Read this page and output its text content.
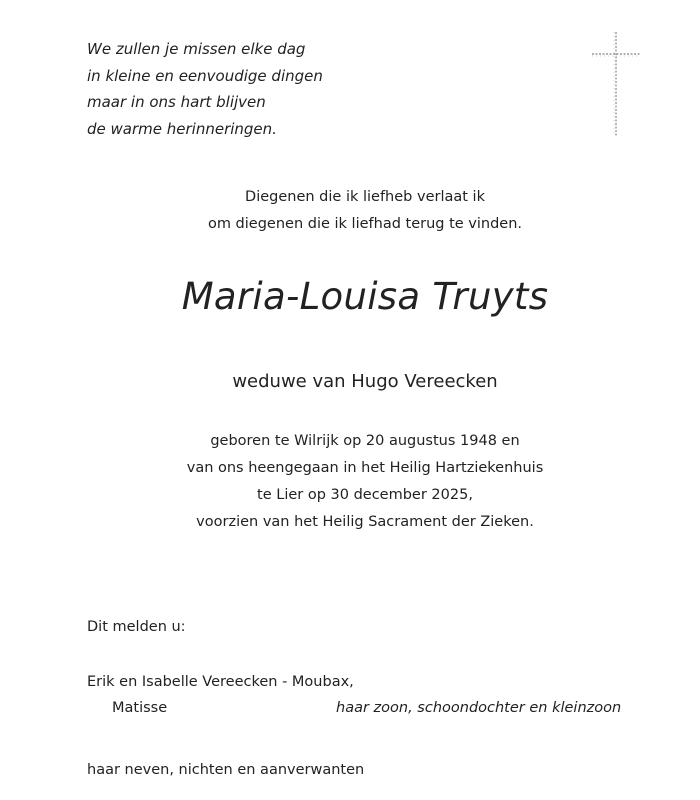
We zullen je missen elke dag
in kleine en eenvoudige dingen
maar in ons hart blijven
de warme herinneringen.
Diegenen die ik liefheb verlaat ik
om diegenen die ik liefhad terug te vinden.
Maria-Louisa Truyts
weduwe van Hugo Vereecken
geboren te Wilrijk op 20 augustus 1948 en
van ons heengegaan in het Heilig Hartziekenhuis
te Lier op 30 december 2025,
voorzien van het Heilig Sacrament der Zieken.
Dit melden u:
Erik en Isabelle Vereecken - Moubax,
Matisse	haar zoon, schoondochter en kleinzoon
haar neven, nichten en aanverwanten
